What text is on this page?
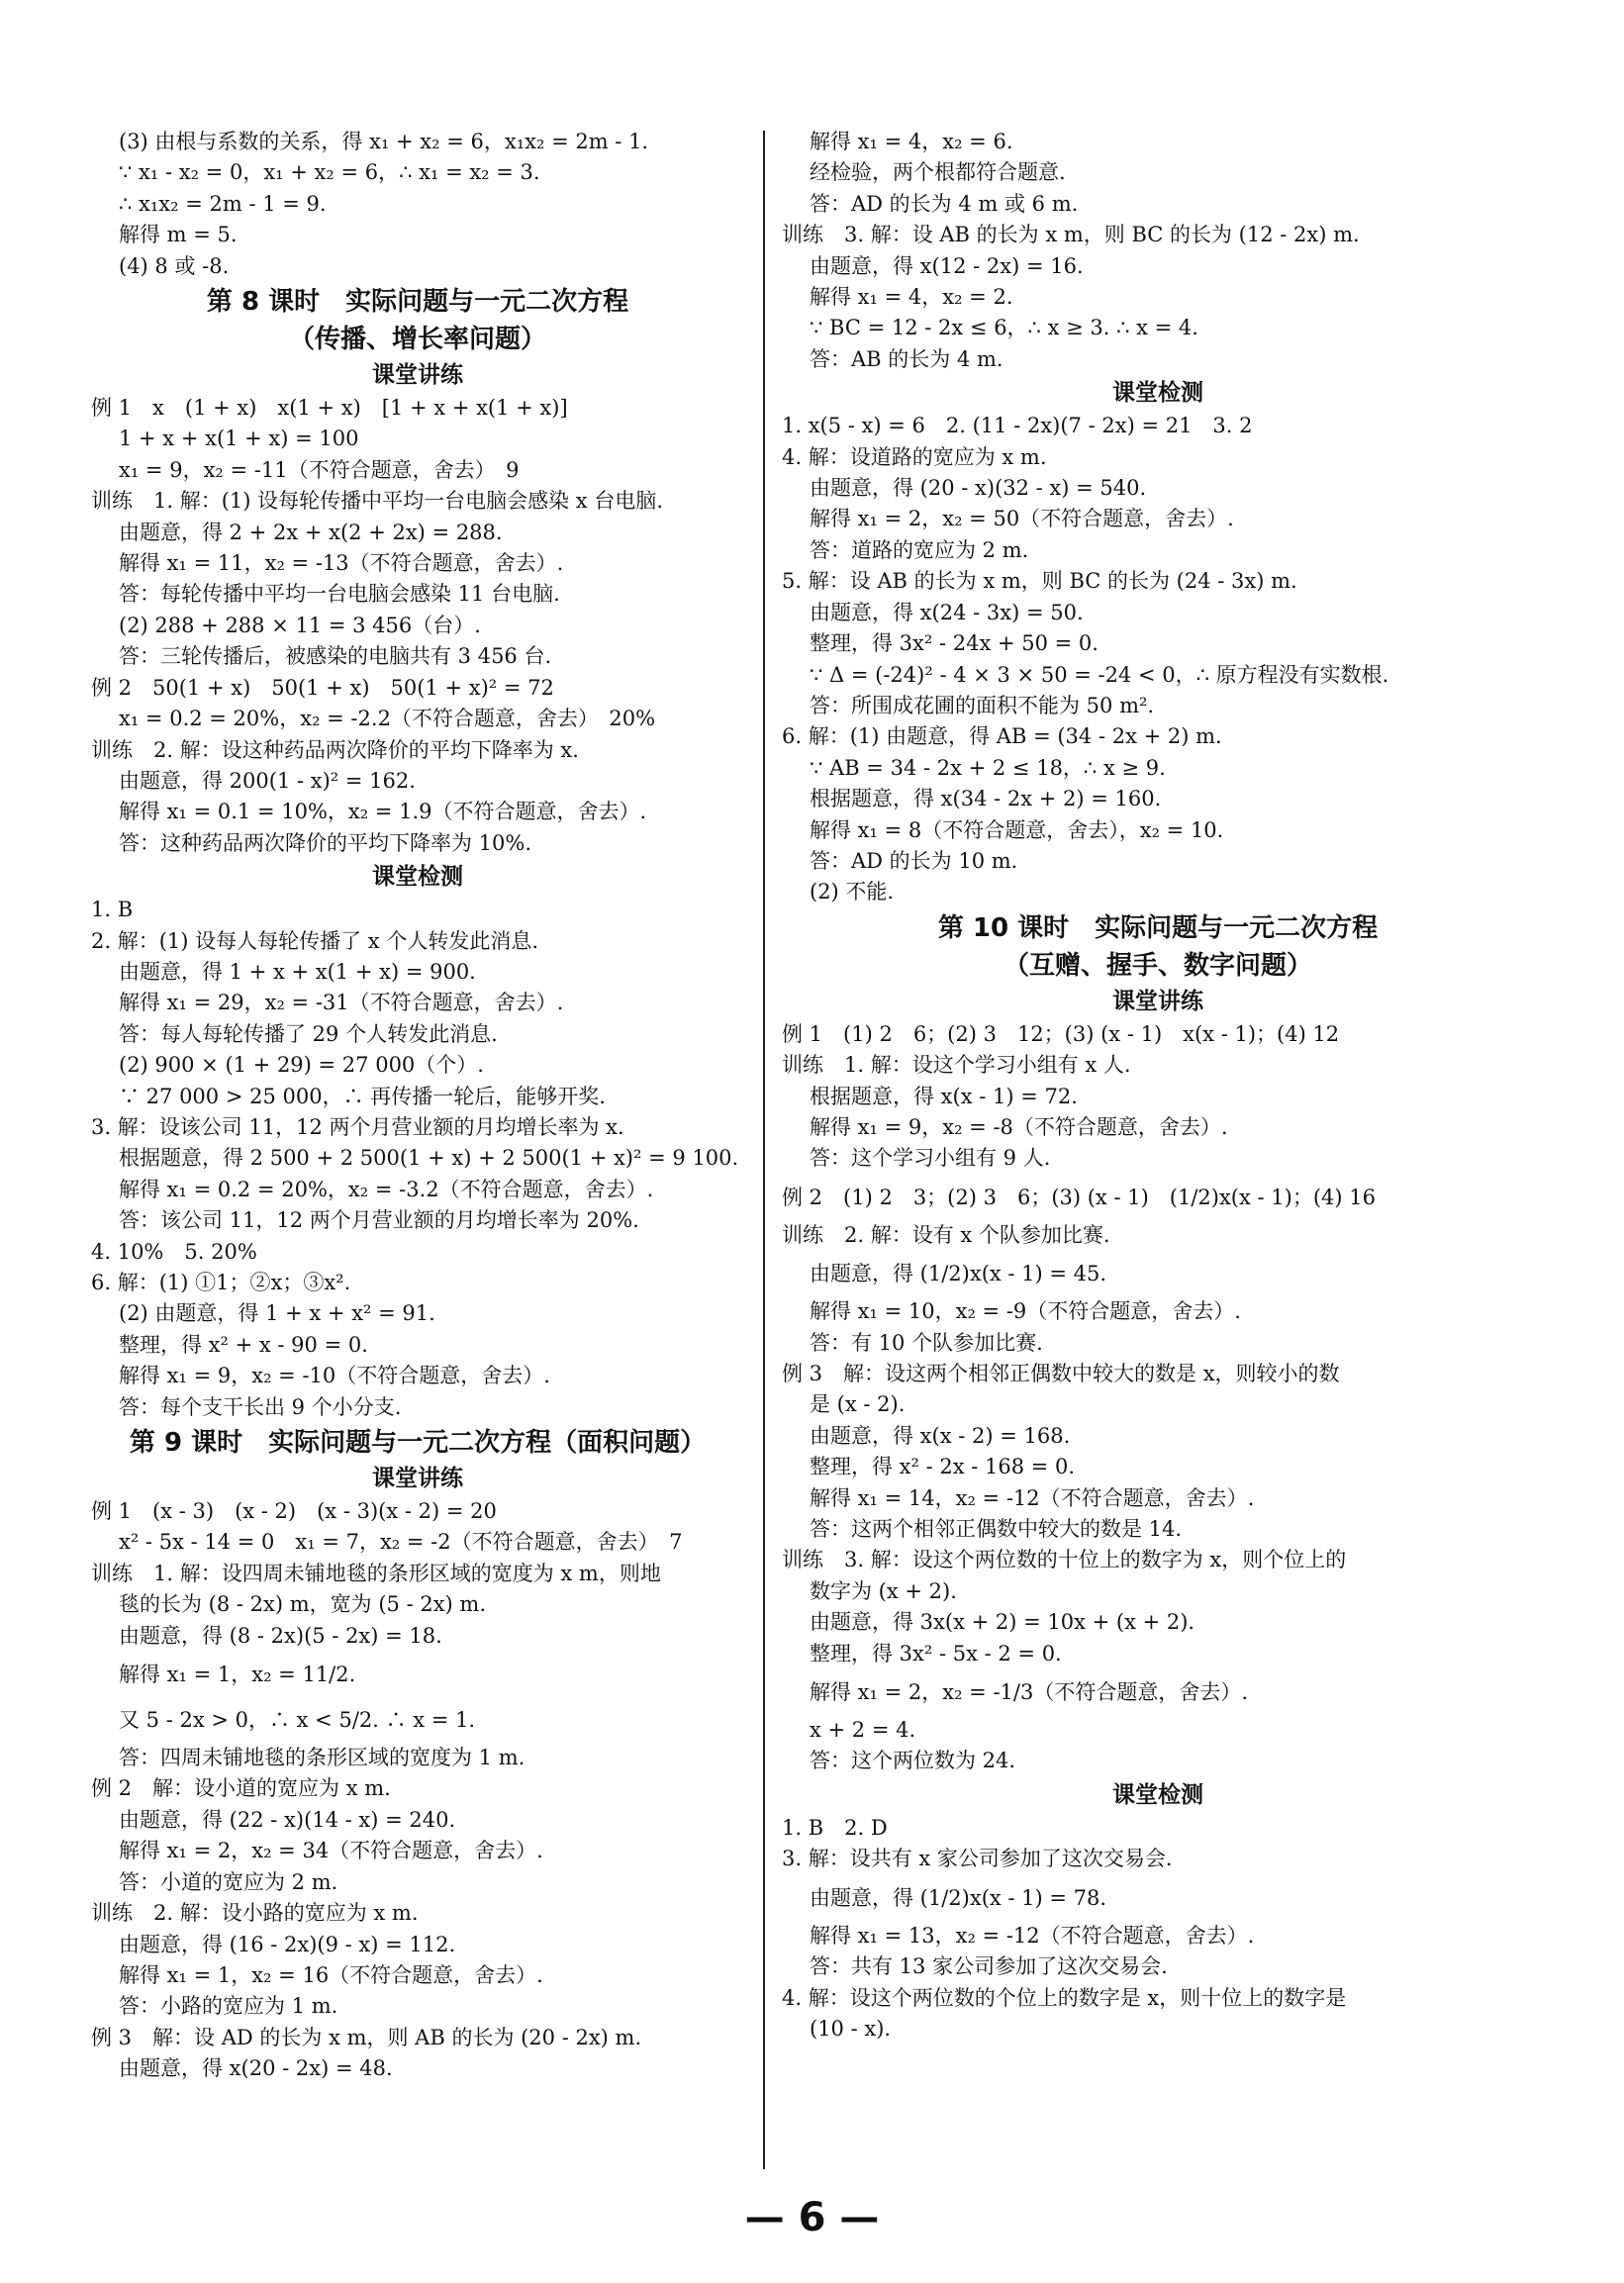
(3) 由根与系数的关系，得 x₁ + x₂ = 6，x₁x₂ = 2m - 1.
∵ x₁ - x₂ = 0，x₁ + x₂ = 6，∴ x₁ = x₂ = 3.
∴ x₁x₂ = 2m - 1 = 9.
解得 m = 5.
(4) 8 或 -8.
第 8 课时　实际问题与一元二次方程
（传播、增长率问题）
课堂讲练
例 1　x　(1 + x)　x(1 + x)　[1 + x + x(1 + x)]
1 + x + x(1 + x) = 100
x₁ = 9，x₂ = -11（不符合题意，舍去）　9
训练　1. 解：(1) 设每轮传播中平均一台电脑会感染 x 台电脑.
由题意，得 2 + 2x + x(2 + 2x) = 288.
解得 x₁ = 11，x₂ = -13（不符合题意，舍去）.
答：每轮传播中平均一台电脑会感染 11 台电脑.
(2) 288 + 288 × 11 = 3 456（台）.
答：三轮传播后，被感染的电脑共有 3 456 台.
例 2　50(1 + x)　50(1 + x)　50(1 + x)² = 72
x₁ = 0.2 = 20%，x₂ = -2.2（不符合题意，舍去）　20%
训练　2. 解：设这种药品两次降价的平均下降率为 x.
由题意，得 200(1 - x)² = 162.
解得 x₁ = 0.1 = 10%，x₂ = 1.9（不符合题意，舍去）.
答：这种药品两次降价的平均下降率为 10%.
课堂检测
1. B
2. 解：(1) 设每人每轮传播了 x 个人转发此消息.
由题意，得 1 + x + x(1 + x) = 900.
解得 x₁ = 29，x₂ = -31（不符合题意，舍去）.
答：每人每轮传播了 29 个人转发此消息.
(2) 900 × (1 + 29) = 27 000（个）.
∵ 27 000 > 25 000，∴ 再传播一轮后，能够开奖.
3. 解：设该公司 11，12 两个月营业额的月均增长率为 x.
根据题意，得 2 500 + 2 500(1 + x) + 2 500(1 + x)² = 9 100.
解得 x₁ = 0.2 = 20%，x₂ = -3.2（不符合题意，舍去）.
答：该公司 11，12 两个月营业额的月均增长率为 20%.
4. 10%　5. 20%
6. 解：(1) ①1；②x；③x².
(2) 由题意，得 1 + x + x² = 91.
整理，得 x² + x - 90 = 0.
解得 x₁ = 9，x₂ = -10（不符合题意，舍去）.
答：每个支干长出 9 个小分支.
第 9 课时　实际问题与一元二次方程（面积问题）
课堂讲练
例 1　(x - 3)　(x - 2)　(x - 3)(x - 2) = 20
x² - 5x - 14 = 0　x₁ = 7，x₂ = -2（不符合题意，舍去）　7
训练　1. 解：设四周未铺地毯的条形区域的宽度为 x m，则地
毯的长为 (8 - 2x) m，宽为 (5 - 2x) m.
由题意，得 (8 - 2x)(5 - 2x) = 18.
解得 x₁ = 1，x₂ = 11/2.
又 5 - 2x > 0，∴ x < 5/2. ∴ x = 1.
答：四周未铺地毯的条形区域的宽度为 1 m.
例 2　解：设小道的宽应为 x m.
由题意，得 (22 - x)(14 - x) = 240.
解得 x₁ = 2，x₂ = 34（不符合题意，舍去）.
答：小道的宽应为 2 m.
训练　2. 解：设小路的宽应为 x m.
由题意，得 (16 - 2x)(9 - x) = 112.
解得 x₁ = 1，x₂ = 16（不符合题意，舍去）.
答：小路的宽应为 1 m.
例 3　解：设 AD 的长为 x m，则 AB 的长为 (20 - 2x) m.
由题意，得 x(20 - 2x) = 48.
解得 x₁ = 4，x₂ = 6.
经检验，两个根都符合题意.
答：AD 的长为 4 m 或 6 m.
训练　3. 解：设 AB 的长为 x m，则 BC 的长为 (12 - 2x) m.
由题意，得 x(12 - 2x) = 16.
解得 x₁ = 4，x₂ = 2.
∵ BC = 12 - 2x ≤ 6，∴ x ≥ 3. ∴ x = 4.
答：AB 的长为 4 m.
课堂检测
1. x(5 - x) = 6　2. (11 - 2x)(7 - 2x) = 21　3. 2
4. 解：设道路的宽应为 x m.
由题意，得 (20 - x)(32 - x) = 540.
解得 x₁ = 2，x₂ = 50（不符合题意，舍去）.
答：道路的宽应为 2 m.
5. 解：设 AB 的长为 x m，则 BC 的长为 (24 - 3x) m.
由题意，得 x(24 - 3x) = 50.
整理，得 3x² - 24x + 50 = 0.
∵ Δ = (-24)² - 4 × 3 × 50 = -24 < 0，∴ 原方程没有实数根.
答：所围成花圃的面积不能为 50 m².
6. 解：(1) 由题意，得 AB = (34 - 2x + 2) m.
∵ AB = 34 - 2x + 2 ≤ 18，∴ x ≥ 9.
根据题意，得 x(34 - 2x + 2) = 160.
解得 x₁ = 8（不符合题意，舍去），x₂ = 10.
答：AD 的长为 10 m.
(2) 不能.
第 10 课时　实际问题与一元二次方程
（互赠、握手、数字问题）
课堂讲练
例 1　(1) 2　6；(2) 3　12；(3) (x - 1)　x(x - 1)；(4) 12
训练　1. 解：设这个学习小组有 x 人.
根据题意，得 x(x - 1) = 72.
解得 x₁ = 9，x₂ = -8（不符合题意，舍去）.
答：这个学习小组有 9 人.
例 2　(1) 2　3；(2) 3　6；(3) (x - 1)　(1/2)x(x - 1)；(4) 16
训练　2. 解：设有 x 个队参加比赛.
由题意，得 (1/2)x(x - 1) = 45.
解得 x₁ = 10，x₂ = -9（不符合题意，舍去）.
答：有 10 个队参加比赛.
例 3　解：设这两个相邻正偶数中较大的数是 x，则较小的数
是 (x - 2).
由题意，得 x(x - 2) = 168.
整理，得 x² - 2x - 168 = 0.
解得 x₁ = 14，x₂ = -12（不符合题意，舍去）.
答：这两个相邻正偶数中较大的数是 14.
训练　3. 解：设这个两位数的十位上的数字为 x，则个位上的
数字为 (x + 2).
由题意，得 3x(x + 2) = 10x + (x + 2).
整理，得 3x² - 5x - 2 = 0.
解得 x₁ = 2，x₂ = -1/3（不符合题意，舍去）.
x + 2 = 4.
答：这个两位数为 24.
课堂检测
1. B　2. D
3. 解：设共有 x 家公司参加了这次交易会.
由题意，得 (1/2)x(x - 1) = 78.
解得 x₁ = 13，x₂ = -12（不符合题意，舍去）.
答：共有 13 家公司参加了这次交易会.
4. 解：设这个两位数的个位上的数字是 x，则十位上的数字是
(10 - x).
— 6 —
